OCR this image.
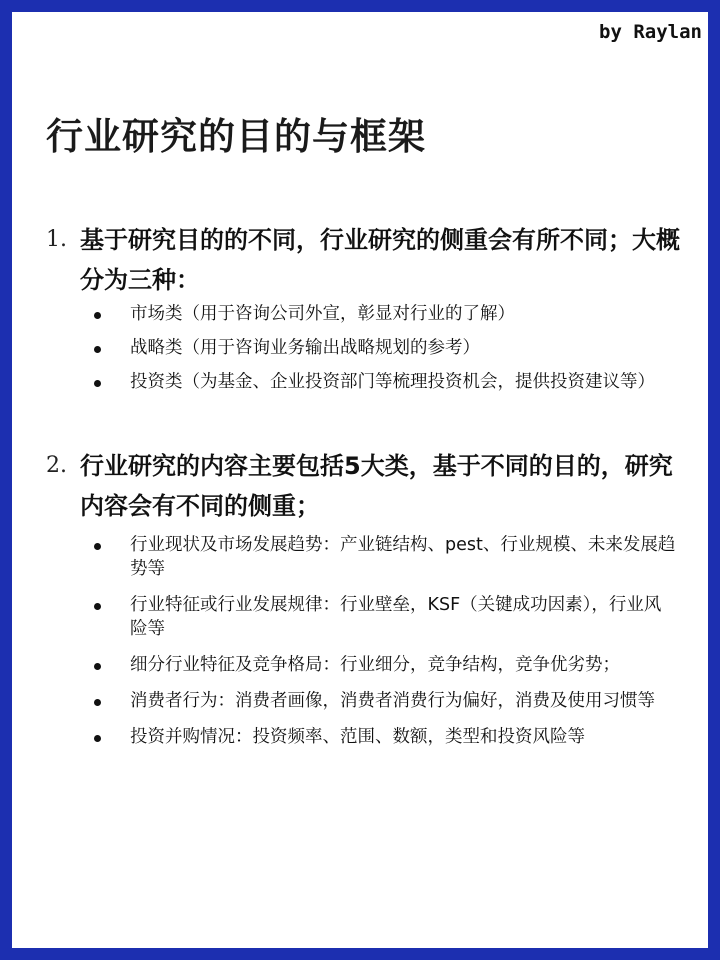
by Raylan
行业研究的目的与框架
1. 基于研究目的的不同，行业研究的侧重会有所不同；大概分为三种：
市场类（用于咨询公司外宣，彰显对行业的了解）
战略类（用于咨询业务输出战略规划的参考）
投资类（为基金、企业投资部门等梳理投资机会，提供投资建议等）
2. 行业研究的内容主要包括5大类，基于不同的目的，研究内容会有不同的侧重；
行业现状及市场发展趋势：产业链结构、pest、行业规模、未来发展趋势等
行业特征或行业发展规律：行业壁垒，KSF（关键成功因素），行业风险等
细分行业特征及竞争格局：行业细分，竞争结构，竞争优劣势；
消费者行为：消费者画像，消费者消费行为偏好，消费及使用习惯等
投资并购情况：投资频率、范围、数额，类型和投资风险等
